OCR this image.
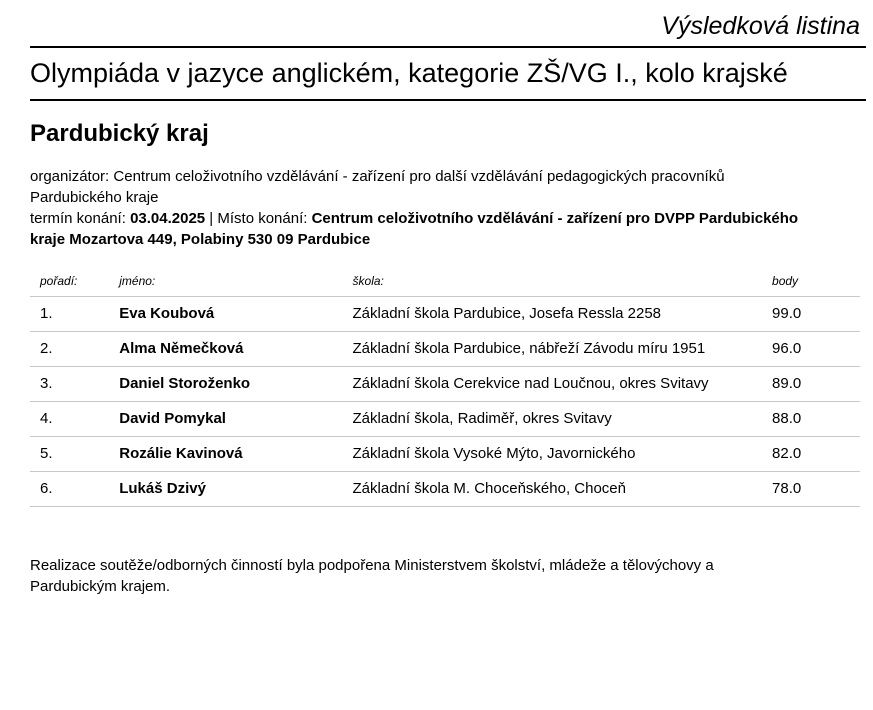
Výsledková listina
Olympiáda v jazyce anglickém, kategorie ZŠ/VG I., kolo krajské
Pardubický kraj
organizátor: Centrum celoživotního vzdělávání - zařízení pro další vzdělávání pedagogických pracovníků Pardubického kraje
termín konání: 03.04.2025 | Místo konání: Centrum celoživotního vzdělávání - zařízení pro DVPP Pardubického kraje Mozartova 449, Polabiny 530 09 Pardubice
pořadí:	jméno:	škola:	body
1.	Eva Koubová	Základní škola Pardubice, Josefa Ressla 2258	99.0
2.	Alma Němečková	Základní škola Pardubice, nábřeží Závodu míru 1951	96.0
3.	Daniel Storoženko	Základní škola Cerekvice nad Loučnou, okres Svitavy	89.0
4.	David Pomykal	Základní škola, Radiměř, okres Svitavy	88.0
5.	Rozálie Kavinová	Základní škola Vysoké Mýto, Javornického	82.0
6.	Lukáš Dzivý	Základní škola M. Choceňského, Choceň	78.0
Realizace soutěže/odborných činností byla podpořena Ministerstvem školství, mládeže a tělovýchovy a Pardubickým krajem.
